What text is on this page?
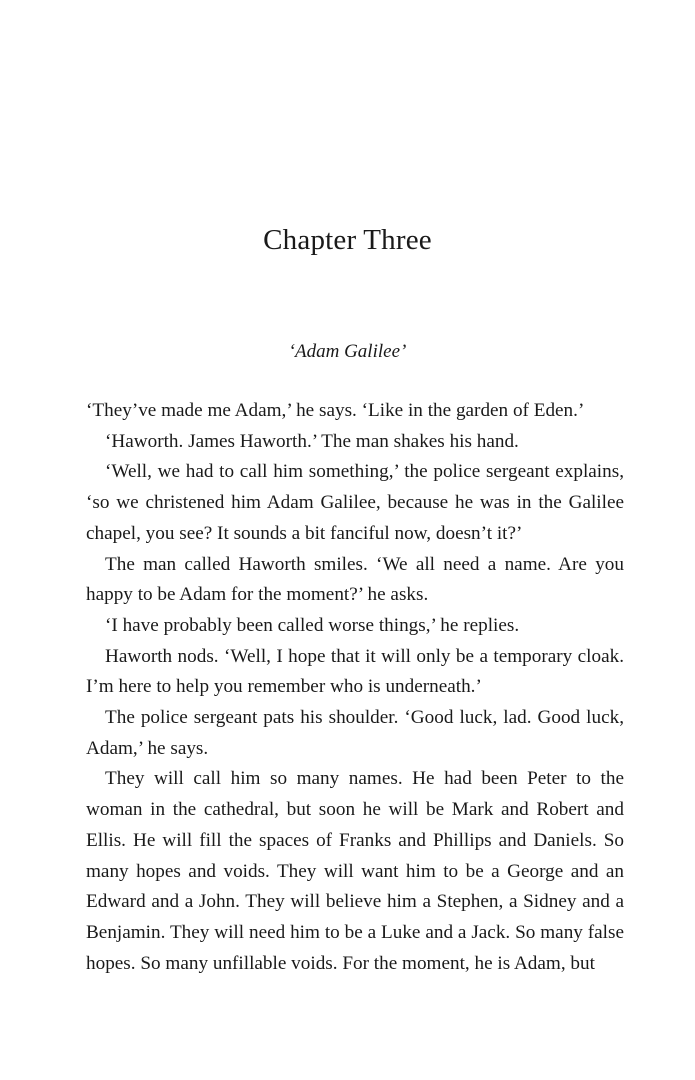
Chapter Three
‘Adam Galilee’

‘They’ve made me Adam,’ he says. ‘Like in the garden of Eden.’

‘Haworth. James Haworth.’ The man shakes his hand.

‘Well, we had to call him something,’ the police sergeant explains, ‘so we christened him Adam Galilee, because he was in the Galilee chapel, you see? It sounds a bit fanciful now, doesn’t it?’

The man called Haworth smiles. ‘We all need a name. Are you happy to be Adam for the moment?’ he asks.

‘I have probably been called worse things,’ he replies.

Haworth nods. ‘Well, I hope that it will only be a temporary cloak. I’m here to help you remember who is underneath.’

The police sergeant pats his shoulder. ‘Good luck, lad. Good luck, Adam,’ he says.

They will call him so many names. He had been Peter to the woman in the cathedral, but soon he will be Mark and Robert and Ellis. He will fill the spaces of Franks and Phillips and Daniels. So many hopes and voids. They will want him to be a George and an Edward and a John. They will believe him a Stephen, a Sidney and a Benjamin. They will need him to be a Luke and a Jack. So many false hopes. So many unfillable voids. For the moment, he is Adam, but
